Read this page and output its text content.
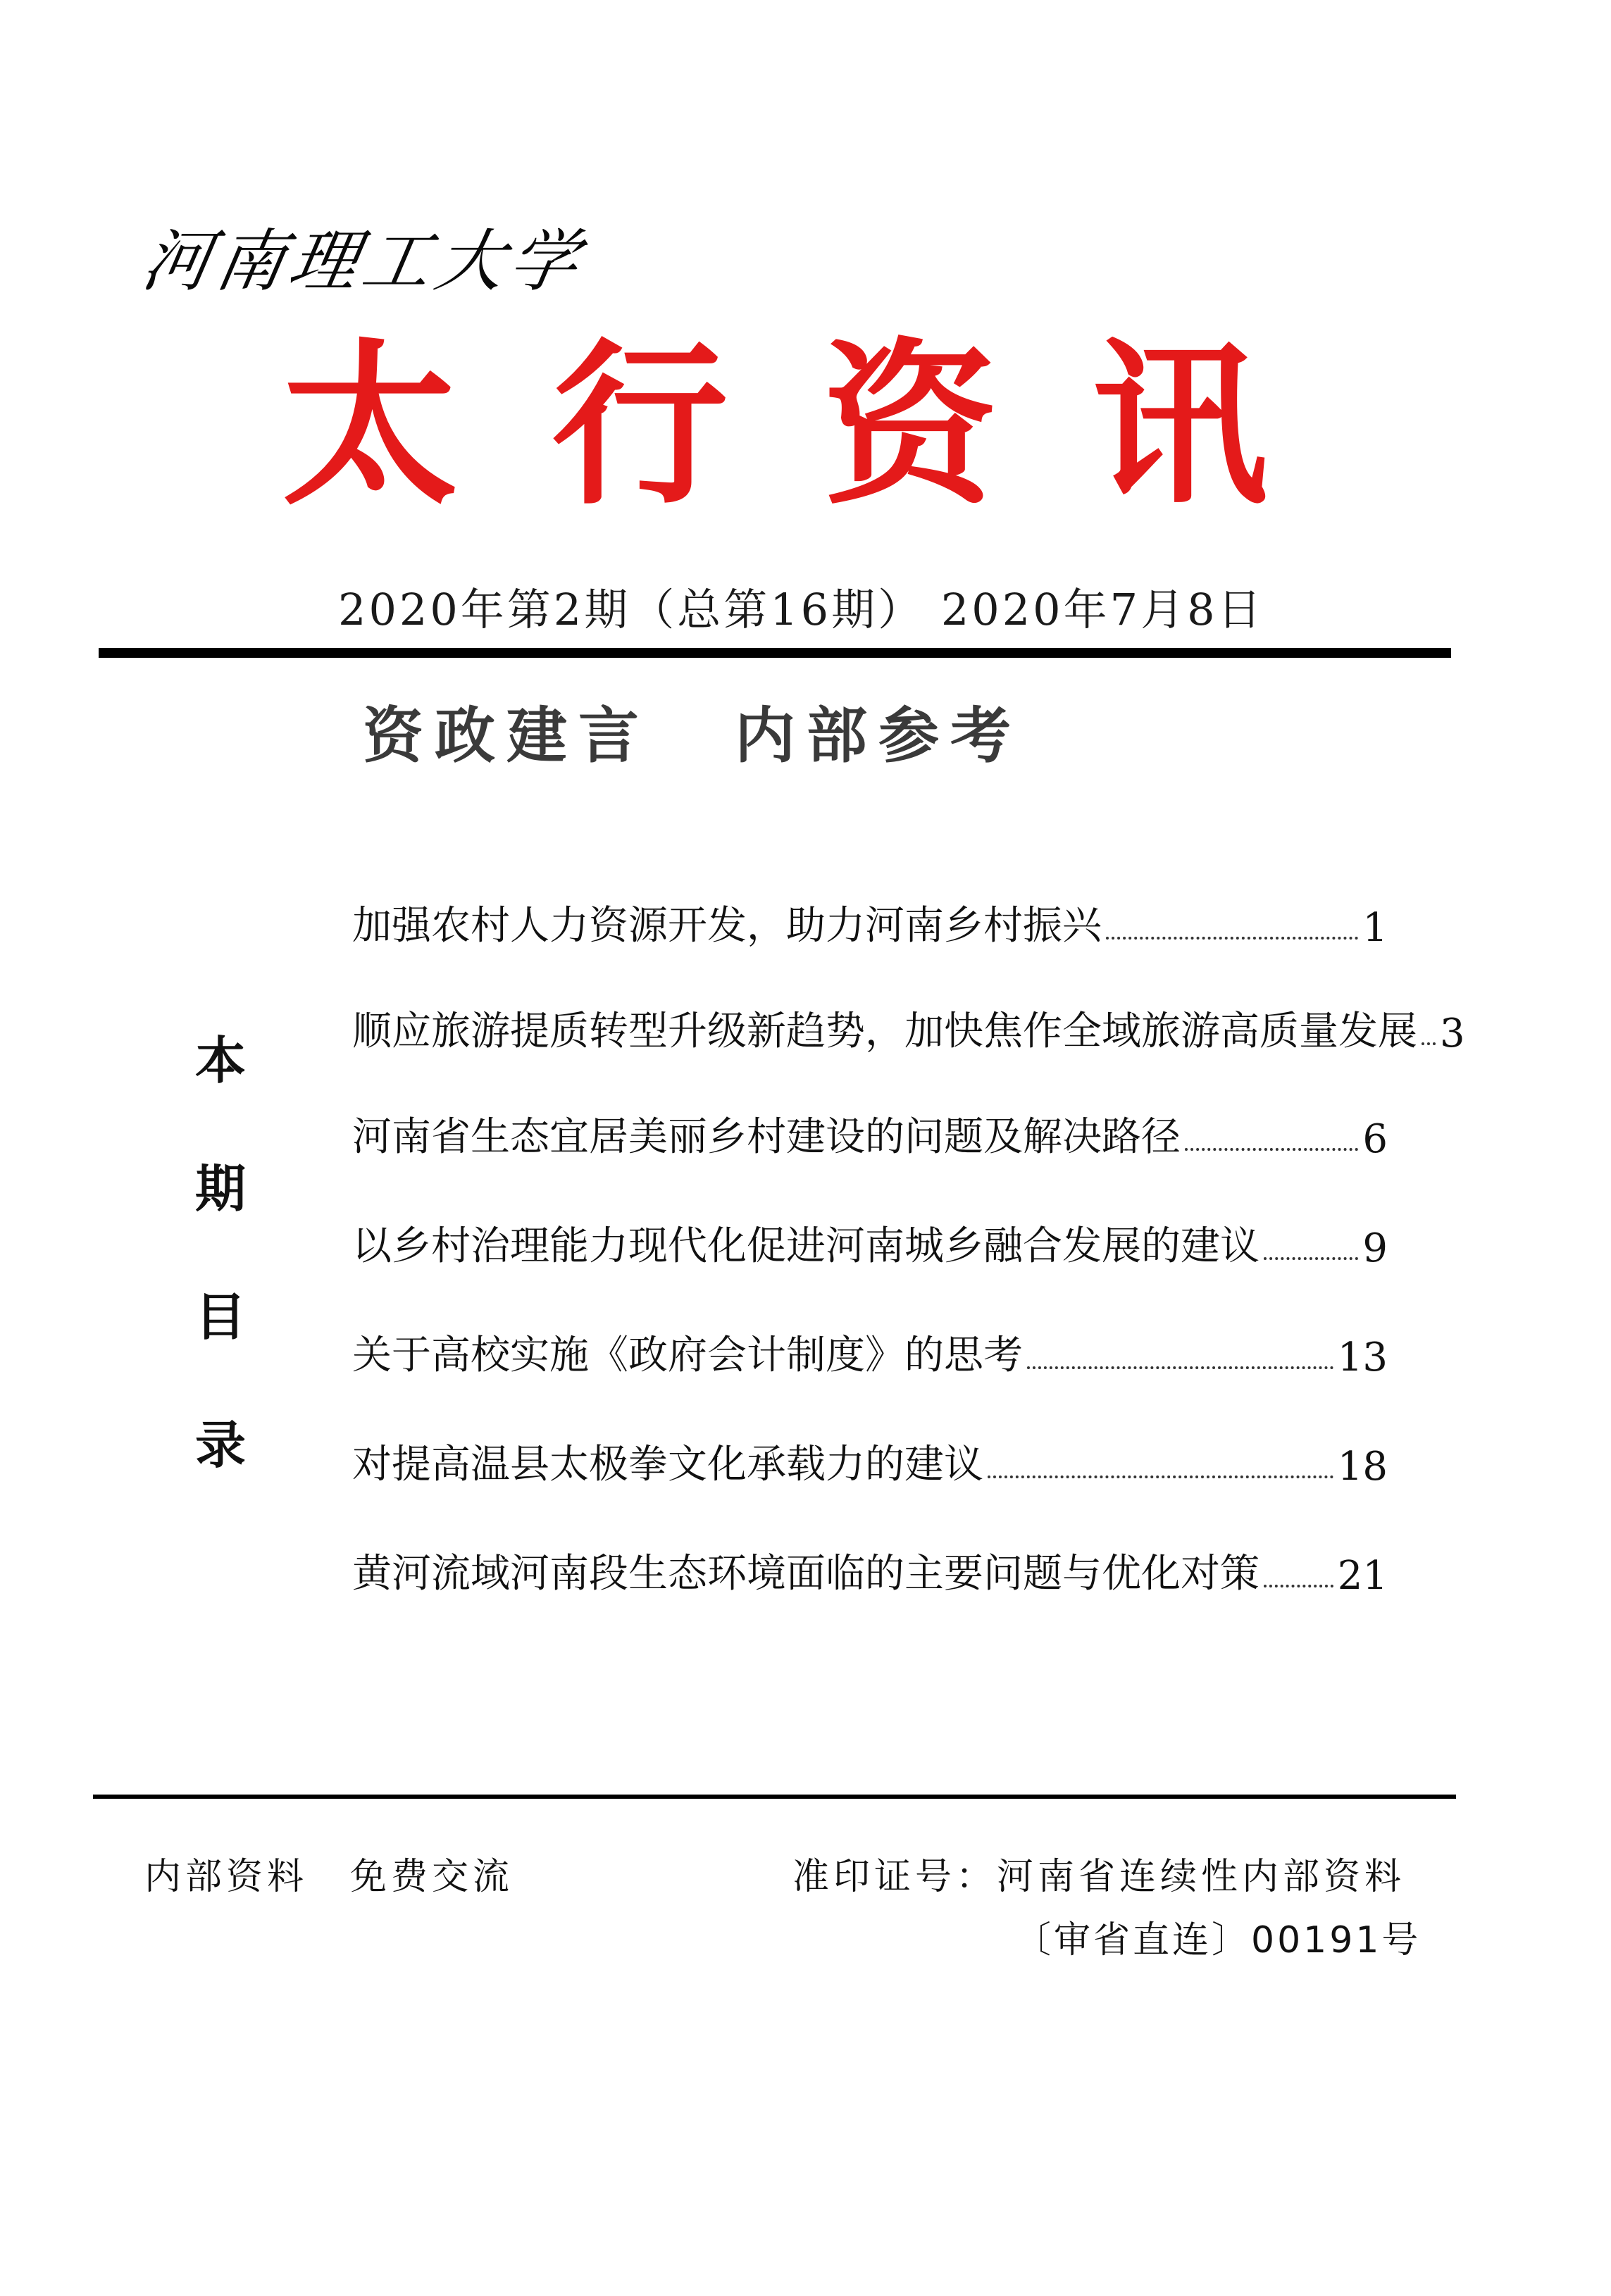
河南理工大学
太 行 资 讯
2020年第2期（总第16期） 2020年7月8日
资政建言 内部参考
本
期
目
录
加强农村人力资源开发，助力河南乡村振兴	1
顺应旅游提质转型升级新趋势，加快焦作全域旅游高质量发展 3
河南省生态宜居美丽乡村建设的问题及解决路径	6
以乡村治理能力现代化促进河南城乡融合发展的建议	9
关于高校实施《政府会计制度》的思考	13
对提高温县太极拳文化承载力的建议	18
黄河流域河南段生态环境面临的主要问题与优化对策 21
内部资料 免费交流	准印证号：河南省连续性内部资料
〔审省直连〕00191号
